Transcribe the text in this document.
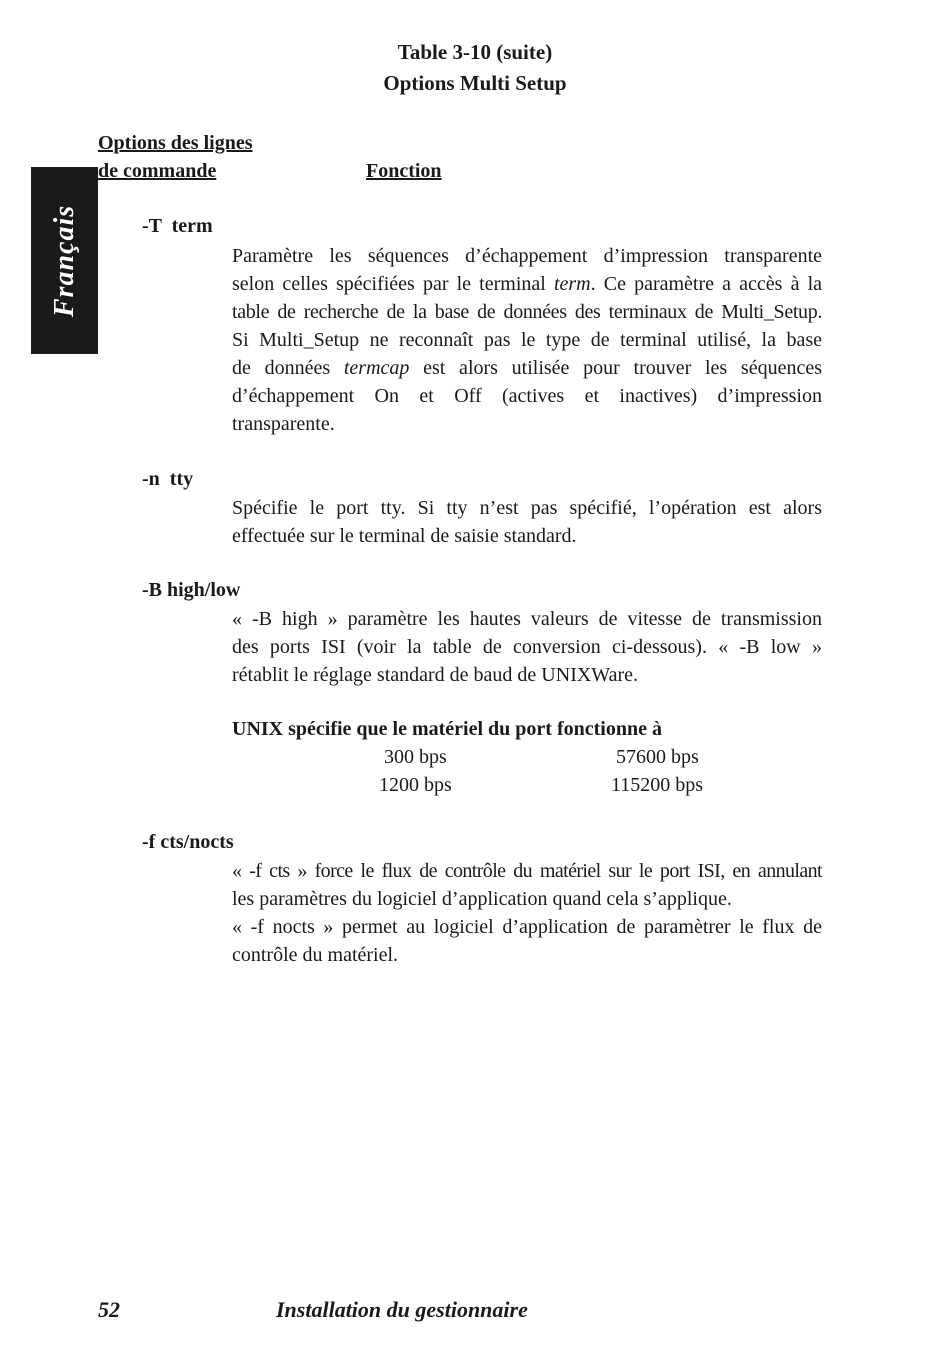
Table 3-10 (suite)
Options Multi Setup
Français
Options des lignes
de commande	Fonction
-T  term
Paramètre les séquences d’échappement d’impression transparente
selon celles spécifiées par le terminal term. Ce paramètre a accès à la
table de recherche de la base de données des terminaux de Multi_Setup.
Si Multi_Setup ne reconnaît pas le type de terminal utilisé, la base
de données termcap est alors utilisée pour trouver les séquences
d’échappement On et Off (actives et inactives) d’impression
transparente.
-n  tty
Spécifie le port tty. Si tty n’est pas spécifié, l’opération est alors
effectuée sur le terminal de saisie standard.
-B high/low
« -B high » paramètre les hautes valeurs de vitesse de transmission
des ports ISI (voir la table de conversion ci-dessous). « -B low »
rétablit le réglage standard de baud de UNIXWare.
UNIX spécifie que le matériel du port fonctionne à
300 bps	57600 bps
1200 bps	115200 bps
-f cts/nocts
« -f cts » force le flux de contrôle du matériel sur le port ISI, en annulant
les paramètres du logiciel d’application quand cela s’applique.
« -f nocts » permet au logiciel d’application de paramètrer le flux de
contrôle du matériel.
52	Installation du gestionnaire
